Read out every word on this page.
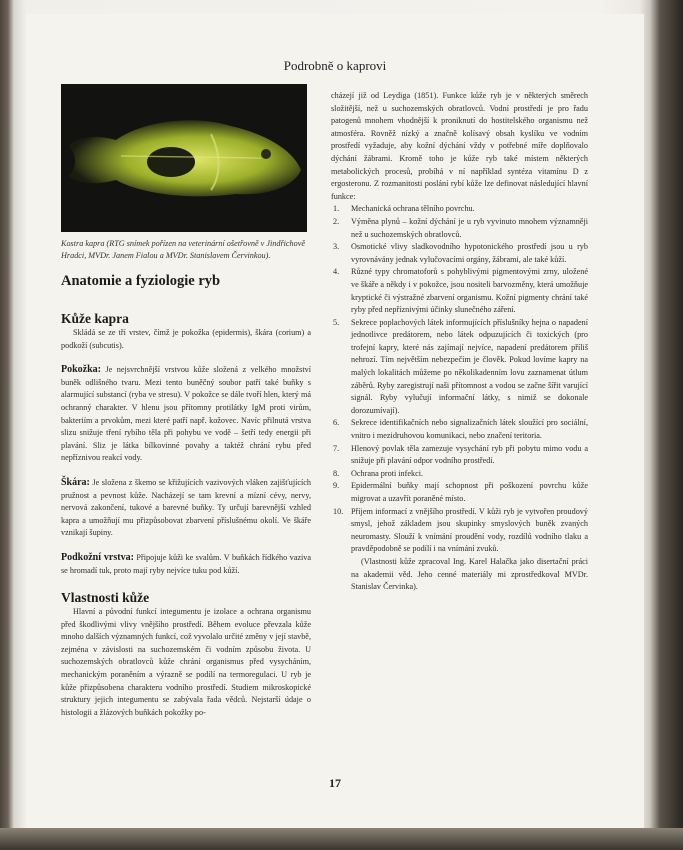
Podrobně o kaprovi
Kostra kapra (RTG snímek pořízen na veterinární ošetřovně v Jindřichově Hradci, MVDr. Janem Fialou a MVDr. Stanislavem Červinkou).
Anatomie a fyziologie ryb
Kůže kapra

Skládá se ze tří vrstev, čímž je pokožka (epidermis), škára (corium) a podkoží (subcutis).

Pokožka: Je nejsvrchnější vrstvou kůže složená z velkého množství buněk odlišného tvaru. Mezi tento buněčný soubor patří také buňky s alarmující substancí (ryba ve stresu). V pokožce se dále tvoří hlen, který má ochranný charakter. V hlenu jsou přítomny protilátky IgM proti virům, bakteriím a prvokům, mezi které patří např. kožovec. Navíc přilnutá vrstva slizu snižuje tření rybího těla při pohybu ve vodě – šetří tedy energii při plavání. Sliz je látka bílkovinné povahy a taktéž chrání rybu před nepříznivou reakcí vody.

Škára: Je složena z škemo se křižujících vazivových vláken zajišťujících pružnost a pevnost kůže. Nacházejí se tam krevní a mízní cévy, nervy, nervová zakončení, tukové a barevné buňky. Ty určují barevnější vzhled kapra a umožňují mu přizpůsobovat zbarvení příslušnému okolí. Ve škáře vznikají šupiny.

Podkožní vrstva: Připojuje kůži ke svalům. V buňkách řídkého vaziva se hromadí tuk, proto mají ryby nejvíce tuku pod kůží.

Vlastnosti kůže

Hlavní a původní funkcí integumentu je izolace a ochrana organismu před škodlivými vlivy vnějšího prostředí. Během evoluce převzala kůže mnoho dalších významných funkcí, což vyvolalo určité změny v její stavbě, zejména v závislosti na suchozemském či vodním způsobu života. U suchozemských obratlovců kůže chrání organismus před vysycháním, mechanickým poraněním a výrazně se podílí na termoregulaci. U ryb je kůže přizpůsobena charakteru vodního prostředí. Studiem mikroskopické struktury jejich integumentu se zabývala řada vědců. Nejstarší údaje o histologii a žlázových buňkách pokožky po-

cházejí již od Leydiga (1851). Funkce kůže ryb je v některých směrech složitější, než u suchozemských obratlovců. Vodní prostředí je pro řadu patogenů mnohem vhodnější k proniknutí do hostitelského organismu než atmosféra. Rovněž nízký a značně kolísavý obsah kyslíku ve vodním prostředí vyžaduje, aby kožní dýchání vždy v potřebné míře doplňovalo dýchání žábrami. Kromě toho je kůže ryb také místem některých metabolických procesů, probíhá v ní například syntéza vitamínu D z ergosteronu. Z rozmanitosti poslání rybí kůže lze definovat následující hlavní funkce:

1. Mechanická ochrana tělního povrchu.
2. Výměna plynů – kožní dýchání je u ryb vyvinuto mnohem významněji než u suchozemských obratlovců.
3. Osmotické vlivy sladkovodního hypotonického prostředí jsou u ryb vyrovnávány jednak vylučovacími orgány, žábrami, ale také kůží.
4. Různé typy chromatoforů s pohyblivými pigmentovými zrny, uložené ve škáře a někdy i v pokožce, jsou nositeli barvozměny, která umožňuje kryptické či výstražné zbarvení organismu. Kožní pigmenty chrání také ryby před nepříznivými účinky slunečného záření.
5. Sekrece poplachových látek informujících příslušníky hejna o napadení jednotlivce predátorem, nebo látek odpuzujících či toxických (pro trofejní kapry, které nás zajímají nejvíce, napadení predátorem příliš nehrozí. Tím největším nebezpečím je člověk. Pokud lovíme kapry na malých lokalitách můžeme po několikadenním lovu zaznamenat útlum záběrů. Ryby zaregistrují naši přítomnost a vodou se začne šířit varující signál. Ryby vylučují informační látky, s nimiž se dokonale dorozumívají).
6. Sekrece identifikačních nebo signalizačních látek sloužící pro sociální, vnitro i mezidruhovou komunikaci, nebo značení teritoria.
7. Hlenový povlak těla zamezuje vysychání ryb při pobytu mimo vodu a snižuje při plavání odpor vodního prostředí.
8. Ochrana proti infekci.
9. Epidermální buňky mají schopnost při poškození povrchu kůže migrovat a uzavřít poraněné místo.
10. Příjem informací z vnějšího prostředí. V kůži ryb je vytvořen proudový smysl, jehož základem jsou skupinky smyslových buněk zvaných neuromasty. Slouží k vnímání proudění vody, rozdílů vodního tlaku a pravděpodobně se podílí i na vnímání zvuků.

(Vlastnosti kůže zpracoval Ing. Karel Halačka jako disertační práci na akademii věd. Jeho cenné materiály mi zprostředkoval MVDr. Stanislav Červinka).

17
